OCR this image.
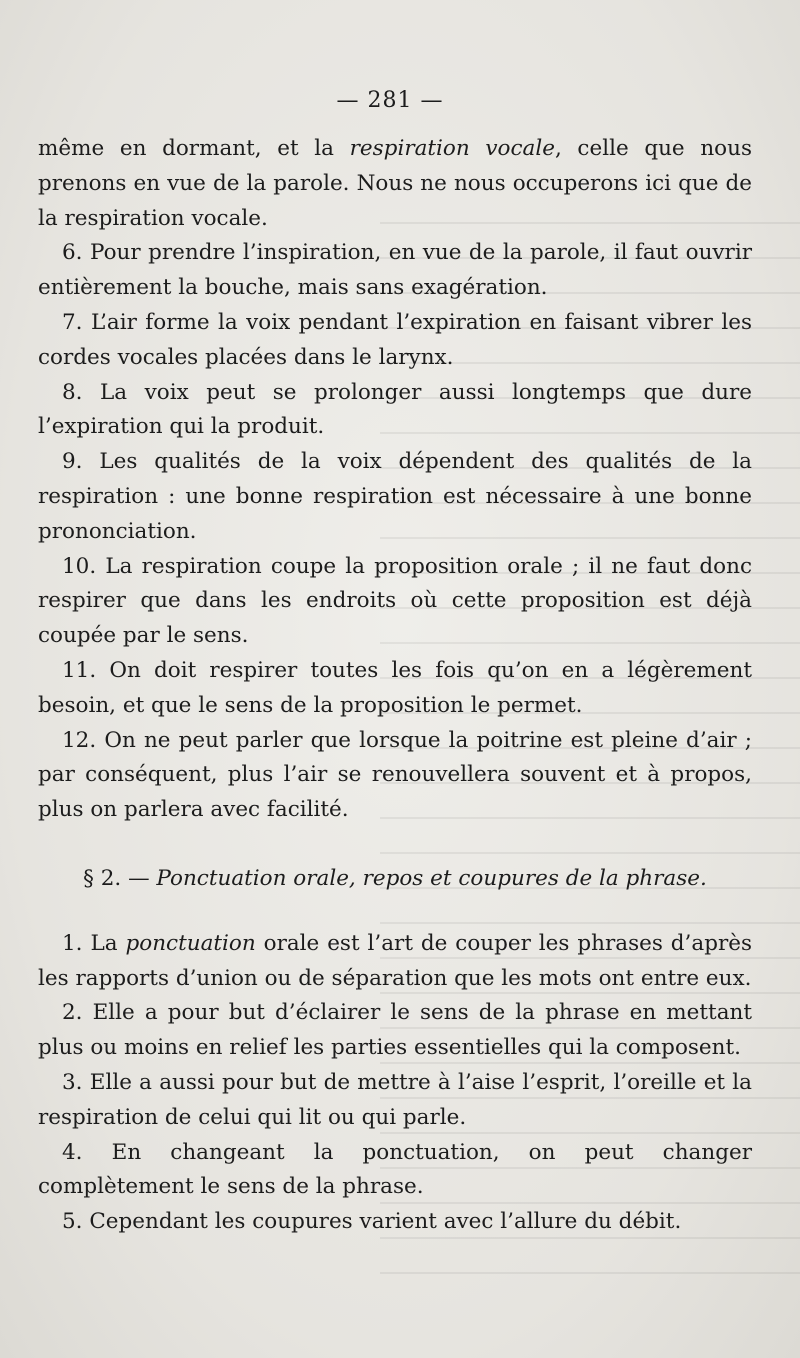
— 281 —

même en dormant, et la respiration vocale, celle que nous prenons en vue de la parole. Nous ne nous occuperons ici que de la respiration vocale.

6. Pour prendre l’inspiration, en vue de la parole, il faut ouvrir entièrement la bouche, mais sans exagération.

7. L’air forme la voix pendant l’expiration en faisant vibrer les cordes vocales placées dans le larynx.

8. La voix peut se prolonger aussi longtemps que dure l’expiration qui la produit.

9. Les qualités de la voix dépendent des qualités de la respiration : une bonne respiration est nécessaire à une bonne prononciation.

10. La respiration coupe la proposition orale ; il ne faut donc respirer que dans les endroits où cette proposition est déjà coupée par le sens.

11. On doit respirer toutes les fois qu’on en a légèrement besoin, et que le sens de la proposition le permet.

12. On ne peut parler que lorsque la poitrine est pleine d’air ; par conséquent, plus l’air se renouvellera souvent et à propos, plus on parlera avec facilité.

§ 2. — Ponctuation orale, repos et coupures de la phrase.

1. La ponctuation orale est l’art de couper les phrases d’après les rapports d’union ou de séparation que les mots ont entre eux.

2. Elle a pour but d’éclairer le sens de la phrase en mettant plus ou moins en relief les parties essentielles qui la composent.

3. Elle a aussi pour but de mettre à l’aise l’esprit, l’oreille et la respiration de celui qui lit ou qui parle.

4. En changeant la ponctuation, on peut changer complètement le sens de la phrase.

5. Cependant les coupures varient avec l’allure du débit.
